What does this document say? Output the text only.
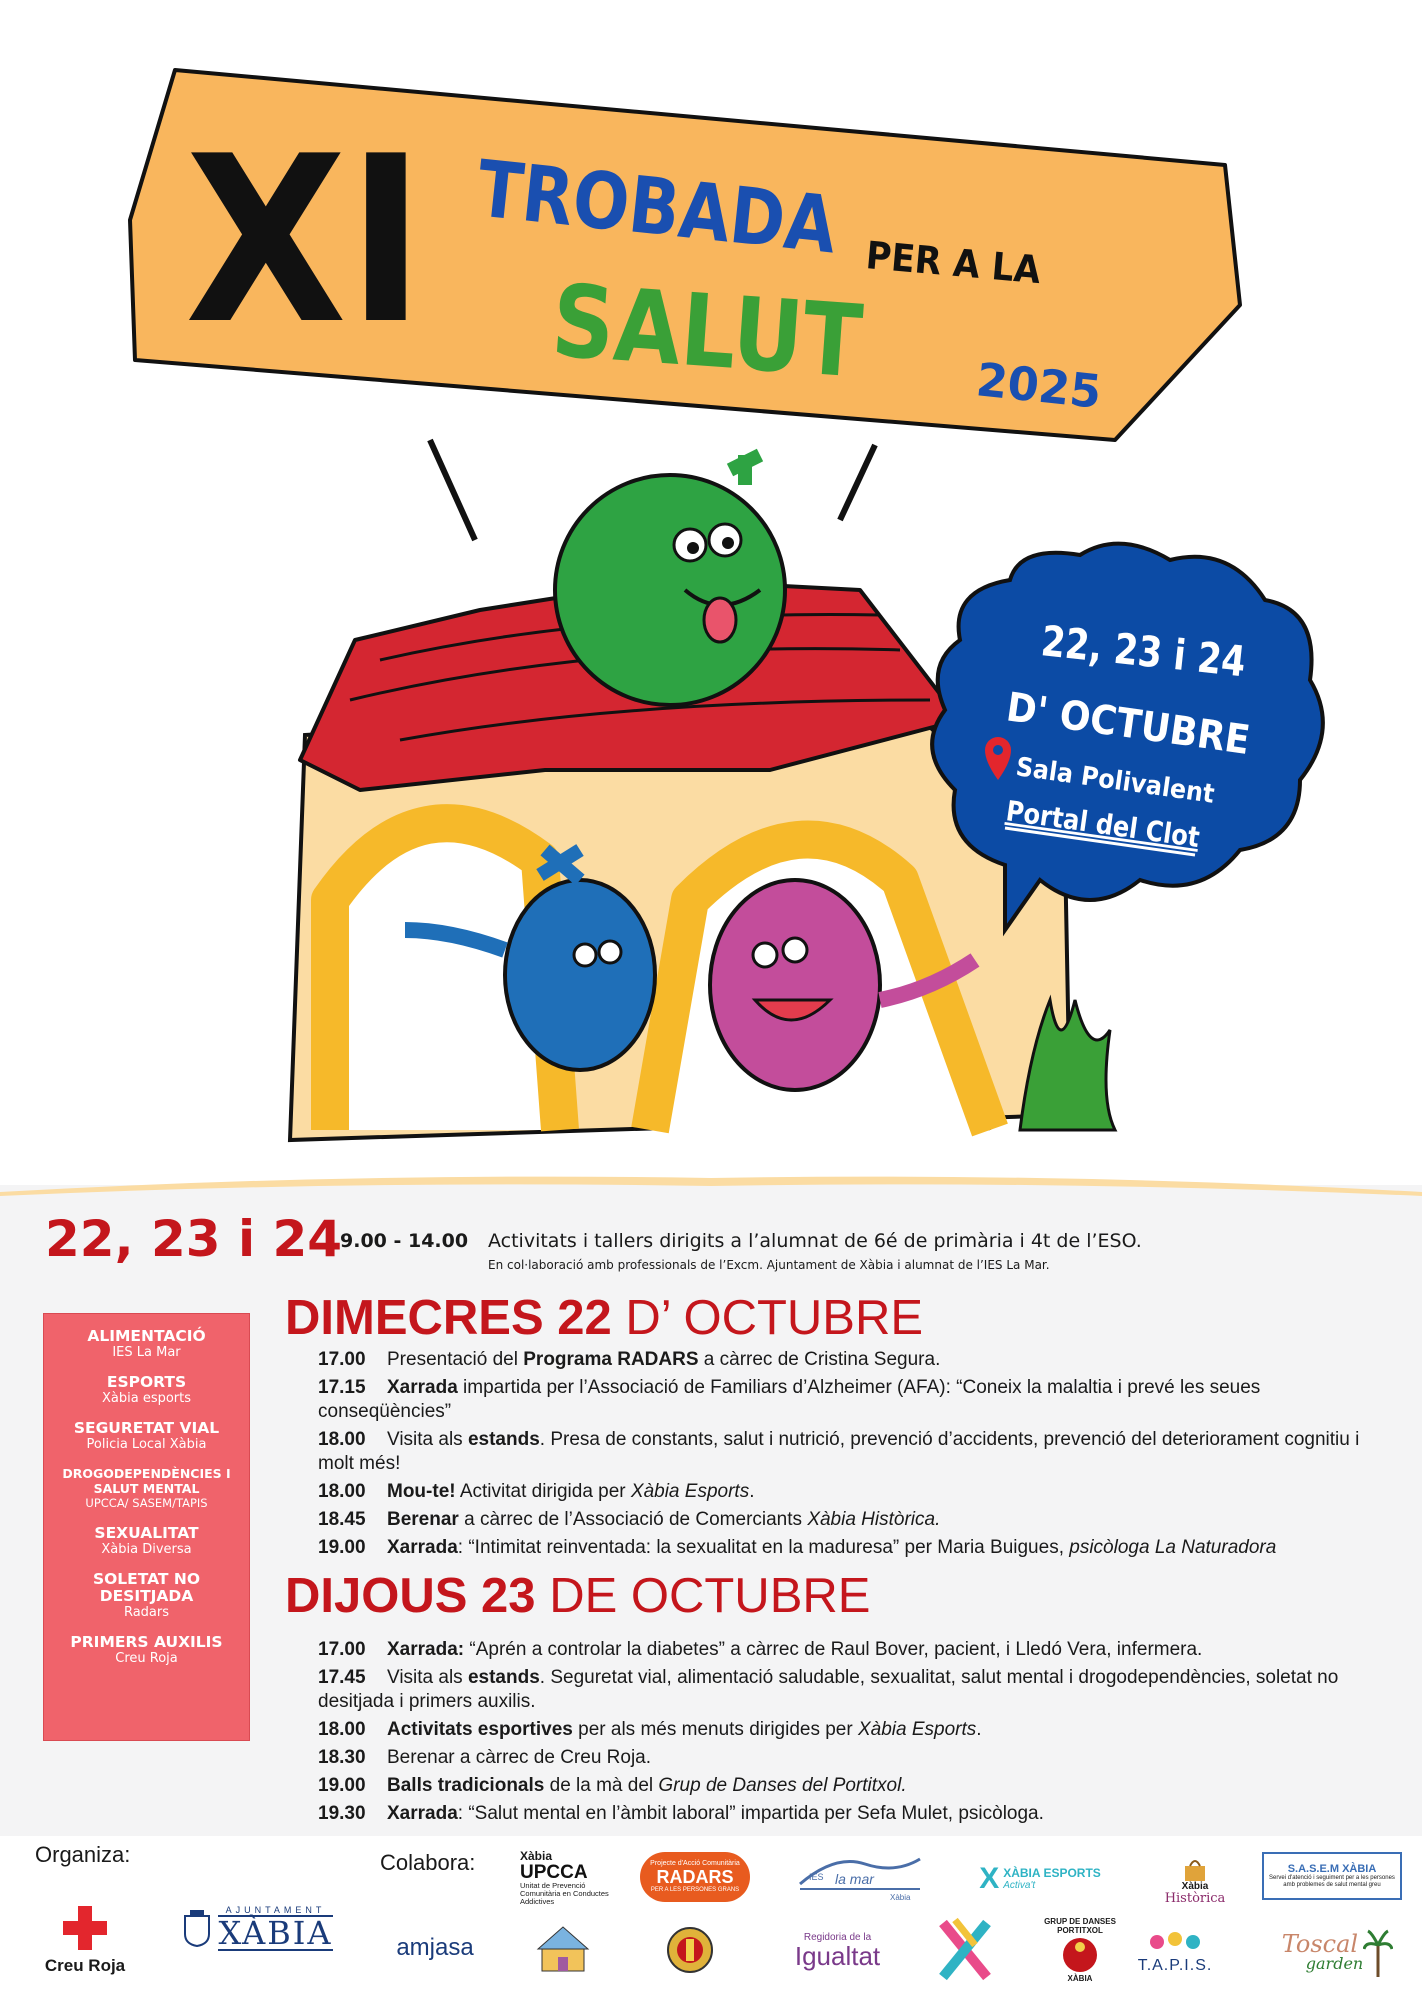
XI TROBADA
PER A LA
SALUT 2025
22, 23 i 24
D' OCTUBRE
Sala Polivalent
Portal del Clot
22, 23 i 24
9.00 - 14.00 Activitats i tallers dirigits a l’alumnat de 6é de primària i 4t de l’ESO.
En col·laboració amb professionals de l’Excm. Ajuntament de Xàbia i alumnat de l’IES La Mar.
ALIMENTACIÓ
IES La Mar
ESPORTS
Xàbia esports
SEGURETAT VIAL
Policia Local Xàbia
DROGODEPENDÈNCIES I SALUT MENTAL
UPCCA/ SASEM/TAPIS
SEXUALITAT
Xàbia Diversa
SOLETAT NO DESITJADA
Radars
PRIMERS AUXILIS
Creu Roja
DIMECRES 22 D’ OCTUBRE
17.00 Presentació del Programa RADARS a càrrec de Cristina Segura.
17.15 Xarrada impartida per l’Associació de Familiars d’Alzheimer (AFA): “Coneix la malaltia i prevé les seues conseqüències”
18.00 Visita als estands. Presa de constants, salut i nutrició, prevenció d’accidents, prevenció del deteriorament cognitiu i molt més!
18.00 Mou-te! Activitat dirigida per Xàbia Esports.
18.45 Berenar a càrrec de l’Associació de Comerciants Xàbia Històrica.
19.00 Xarrada: “Intimitat reinventada: la sexualitat en la maduresa” per Maria Buigues, psicòloga La Naturadora
DIJOUS 23 DE OCTUBRE
17.00 Xarrada: “Aprén a controlar la diabetes” a càrrec de Raul Bover, pacient, i Lledó Vera, infermera.
17.45 Visita als estands. Seguretat vial, alimentació saludable, sexualitat, salut mental i drogodependències, soletat no desitjada i primers auxilis.
18.00 Activitats esportives per als més menuts dirigides per Xàbia Esports.
18.30 Berenar a càrrec de Creu Roja.
19.00 Balls tradicionals de la mà del Grup de Danses del Portitxol.
19.30 Xarrada: “Salut mental en l’àmbit laboral” impartida per Sefa Mulet, psicòloga.
Organiza:	Colabora:
Creu Roja
AJUNTAMENT
XÀBIA
Xàbia
UPCCA
Unitat de Prevenció Comunitària en Conductes Addictives
Projecte d'Acció Comunitària
RADARS
PER A LES PERSONES GRANS
IES la mar
Xàbia
X XÀBIA ESPORTS
Activa't	Xàbia
Històrica
S.A.S.E.M XÀBIA
Servei d'atenció i seguiment per a les persones amb problemes de salut mental greu
amjasa	Regidoria de la
Igualtat
GRUP DE DANSES PORTITXOL
XÀBIA
T.A.P.I.S.
Toscal
garden
